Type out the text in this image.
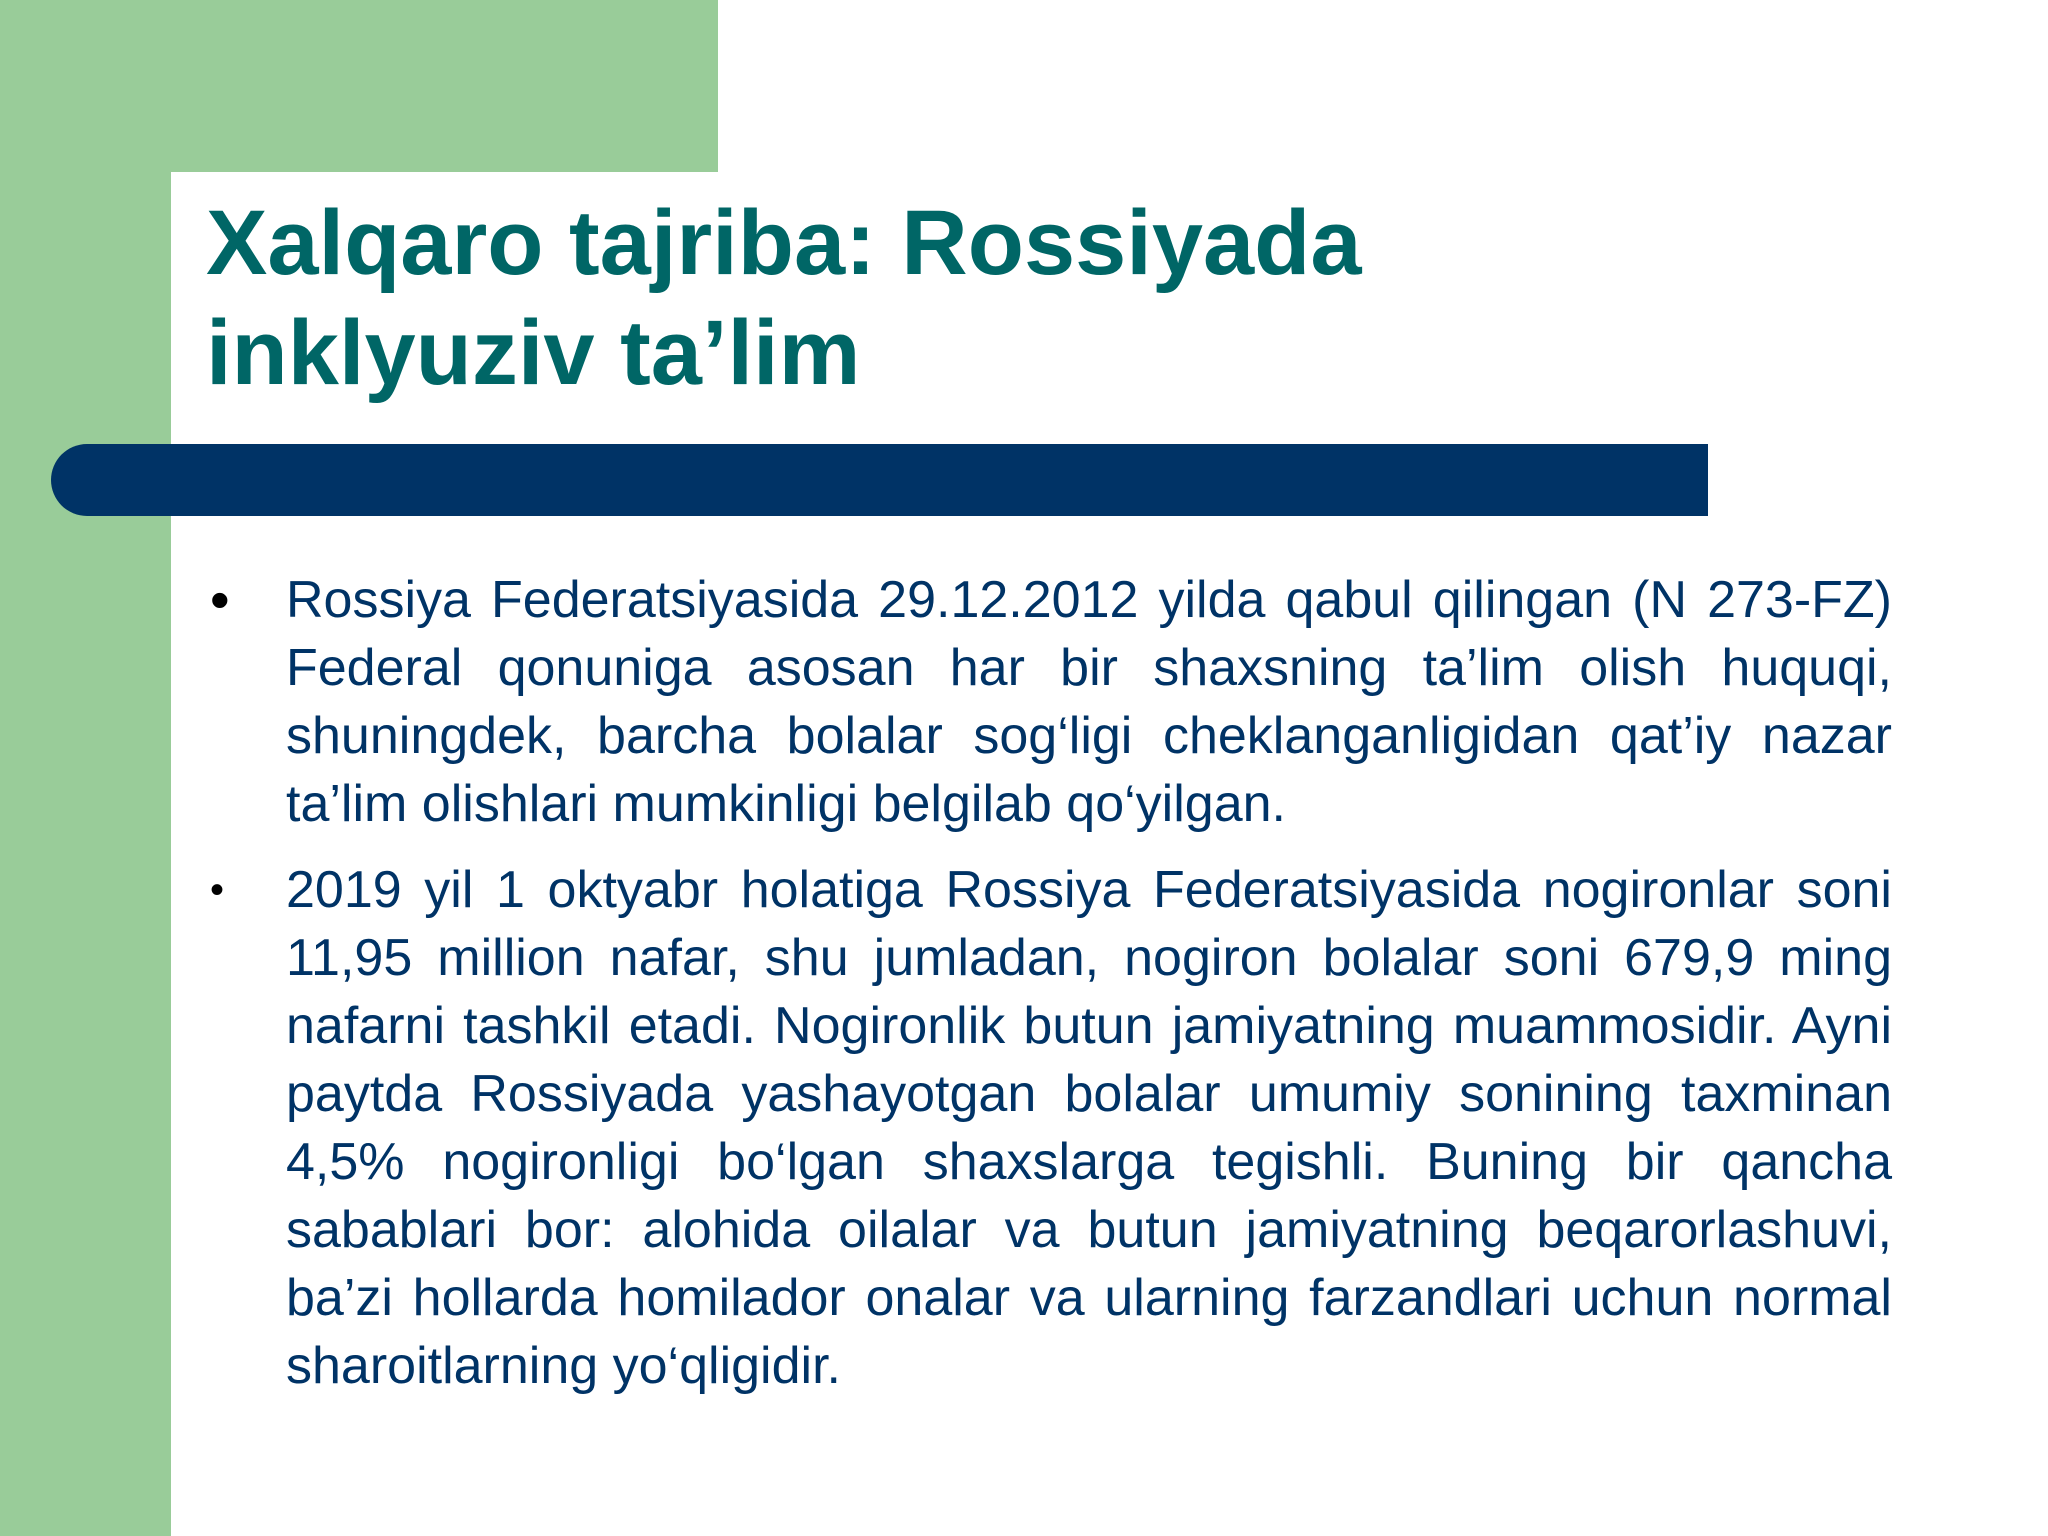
Xalqaro tajriba: Rossiyada
inklyuziv ta’lim
• Rossiya Federatsiyasida 29.12.2012 yilda qabul qilingan (N 273-FZ) Federal qonuniga asosan har bir shaxsning ta’lim olish huquqi, shuningdek, barcha bolalar sog‘ligi cheklanganligidan qat’iy nazar ta’lim olishlari mumkinligi belgilab qo‘yilgan.
• 2019 yil 1 oktyabr holatiga Rossiya Federatsiyasida nogironlar soni 11,95 million nafar, shu jumladan, nogiron bolalar soni 679,9 ming nafarni tashkil etadi. Nogironlik butun jamiyatning muammosidir. Ayni paytda Rossiyada yashayotgan bolalar umumiy sonining taxminan 4,5% nogironligi bo‘lgan shaxslarga tegishli. Buning bir qancha sabablari bor: alohida oilalar va butun jamiyatning beqarorlashuvi, ba’zi hollarda homilador onalar va ularning farzandlari uchun normal sharoitlarning yo‘qligidir.
